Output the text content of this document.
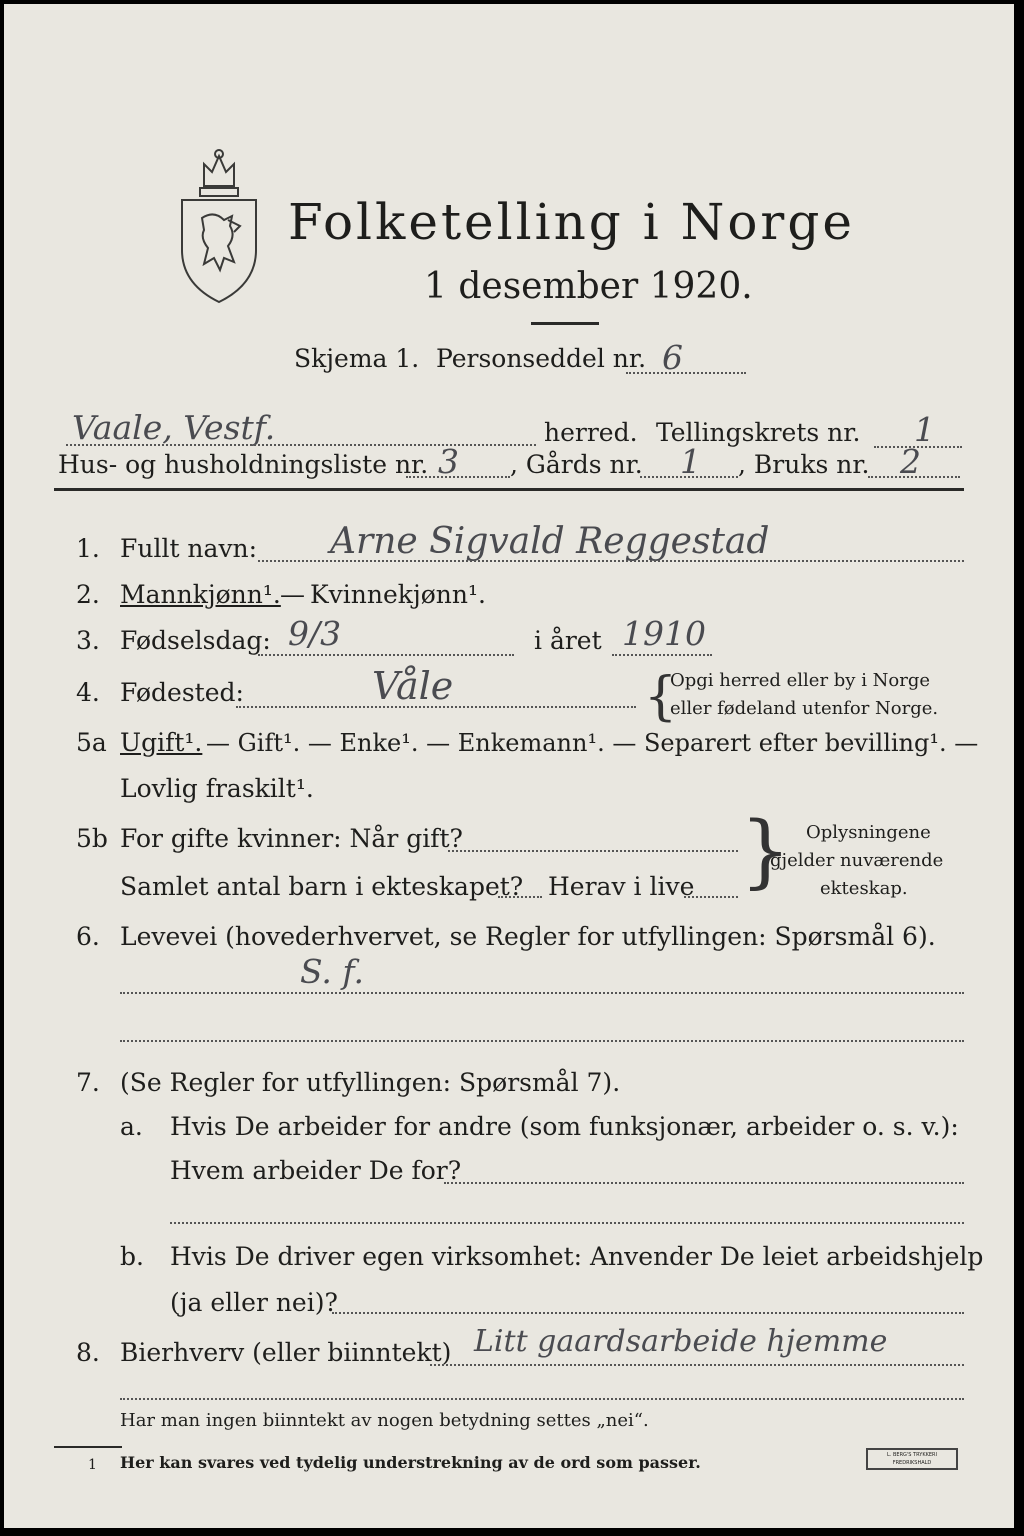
Folketelling i Norge
1 desember 1920.
Skjema 1. Personseddel nr. 6
Vaale, Vestf.	herred. Tellingskrets nr. 1
Hus- og husholdningsliste nr. 3 , Gårds nr. 1 , Bruks nr. 2
1. Fullt navn: Arne Sigvald Reggestad
2. Mannkjønn¹. — Kvinnekjønn¹.
3. Fødselsdag: 9/3	i året 1910
4. Fødested:	Våle	{
Opgi herred eller by i Norge
eller fødeland utenfor Norge.
5a Ugift¹. — Gift¹. — Enke¹. — Enkemann¹. — Separert efter bevilling¹. —
Lovlig fraskilt¹.
5b For gifte kvinner: Når gift?
Samlet antal barn i ekteskapet? Herav i live } Oplysningene
gjelder nuværende
ekteskap.
6. Levevei (hovederhvervet, se Regler for utfyllingen: Spørsmål 6).
S. f.
7. (Se Regler for utfyllingen: Spørsmål 7).
a. Hvis De arbeider for andre (som funksjonær, arbeider o. s. v.):
Hvem arbeider De for?
b. Hvis De driver egen virksomhet: Anvender De leiet arbeidshjelp
(ja eller nei)?
8. Bierhverv (eller biinntekt) Litt gaardsarbeide hjemme
Har man ingen biinntekt av nogen betydning settes „nei“.
1 Her kan svares ved tydelig understrekning av de ord som passer.	L. BERG'S TRYKKERI FREDRIKSHALD
